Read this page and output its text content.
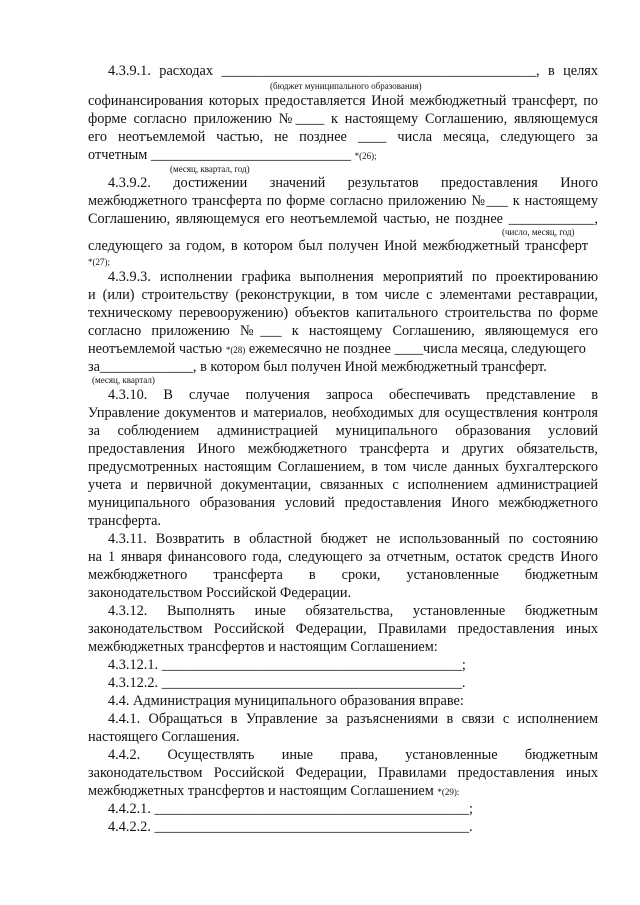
4.3.9.1. расходах ____________________________________________, в целях
(бюджет муниципального образования)
софинансирования которых предоставляется Иной межбюджетный трансферт, по
форме согласно приложению №____ к настоящему Соглашению, являющемуся
его неотъемлемой частью, не позднее ____ числа месяца, следующего за
отчетным ____________________________ *(26);
(месяц, квартал, год)
4.3.9.2. достижении значений результатов предоставления Иного
межбюджетного трансферта по форме согласно приложению №___ к настоящему
Соглашению, являющемуся его неотъемлемой частью, не позднее ____________,
(число, месяц, год)
следующего за годом, в котором был получен Иной межбюджетный трансферт
*(27);
4.3.9.3. исполнении графика выполнения мероприятий по проектированию
и (или) строительству (реконструкции, в том числе с элементами реставрации,
техническому перевооружению) объектов капитального строительства по форме
согласно приложению №___ к настоящему Соглашению, являющемуся его
неотъемлемой частью *(28) ежемесячно не позднее ____числа месяца, следующего
за_____________, в котором был получен Иной межбюджетный трансферт.
(месяц, квартал)
4.3.10. В случае получения запроса обеспечивать представление в
Управление документов и материалов, необходимых для осуществления контроля
за соблюдением администрацией муниципального образования условий
предоставления Иного межбюджетного трансферта и других обязательств,
предусмотренных настоящим Соглашением, в том числе данных бухгалтерского
учета и первичной документации, связанных с исполнением администрацией
муниципального образования условий предоставления Иного межбюджетного
трансферта.
4.3.11. Возвратить в областной бюджет не использованный по состоянию
на 1 января финансового года, следующего за отчетным, остаток средств Иного
межбюджетного трансферта в сроки, установленные бюджетным
законодательством Российской Федерации.
4.3.12. Выполнять иные обязательства, установленные бюджетным
законодательством Российской Федерации, Правилами предоставления иных
межбюджетных трансфертов и настоящим Соглашением:
4.3.12.1. __________________________________________;
4.3.12.2. __________________________________________.
4.4. Администрация муниципального образования вправе:
4.4.1. Обращаться в Управление за разъяснениями в связи с исполнением
настоящего Соглашения.
4.4.2. Осуществлять иные права, установленные бюджетным
законодательством Российской Федерации, Правилами предоставления иных
межбюджетных трансфертов и настоящим Соглашением *(29):
4.4.2.1. ____________________________________________;
4.4.2.2. ____________________________________________.
